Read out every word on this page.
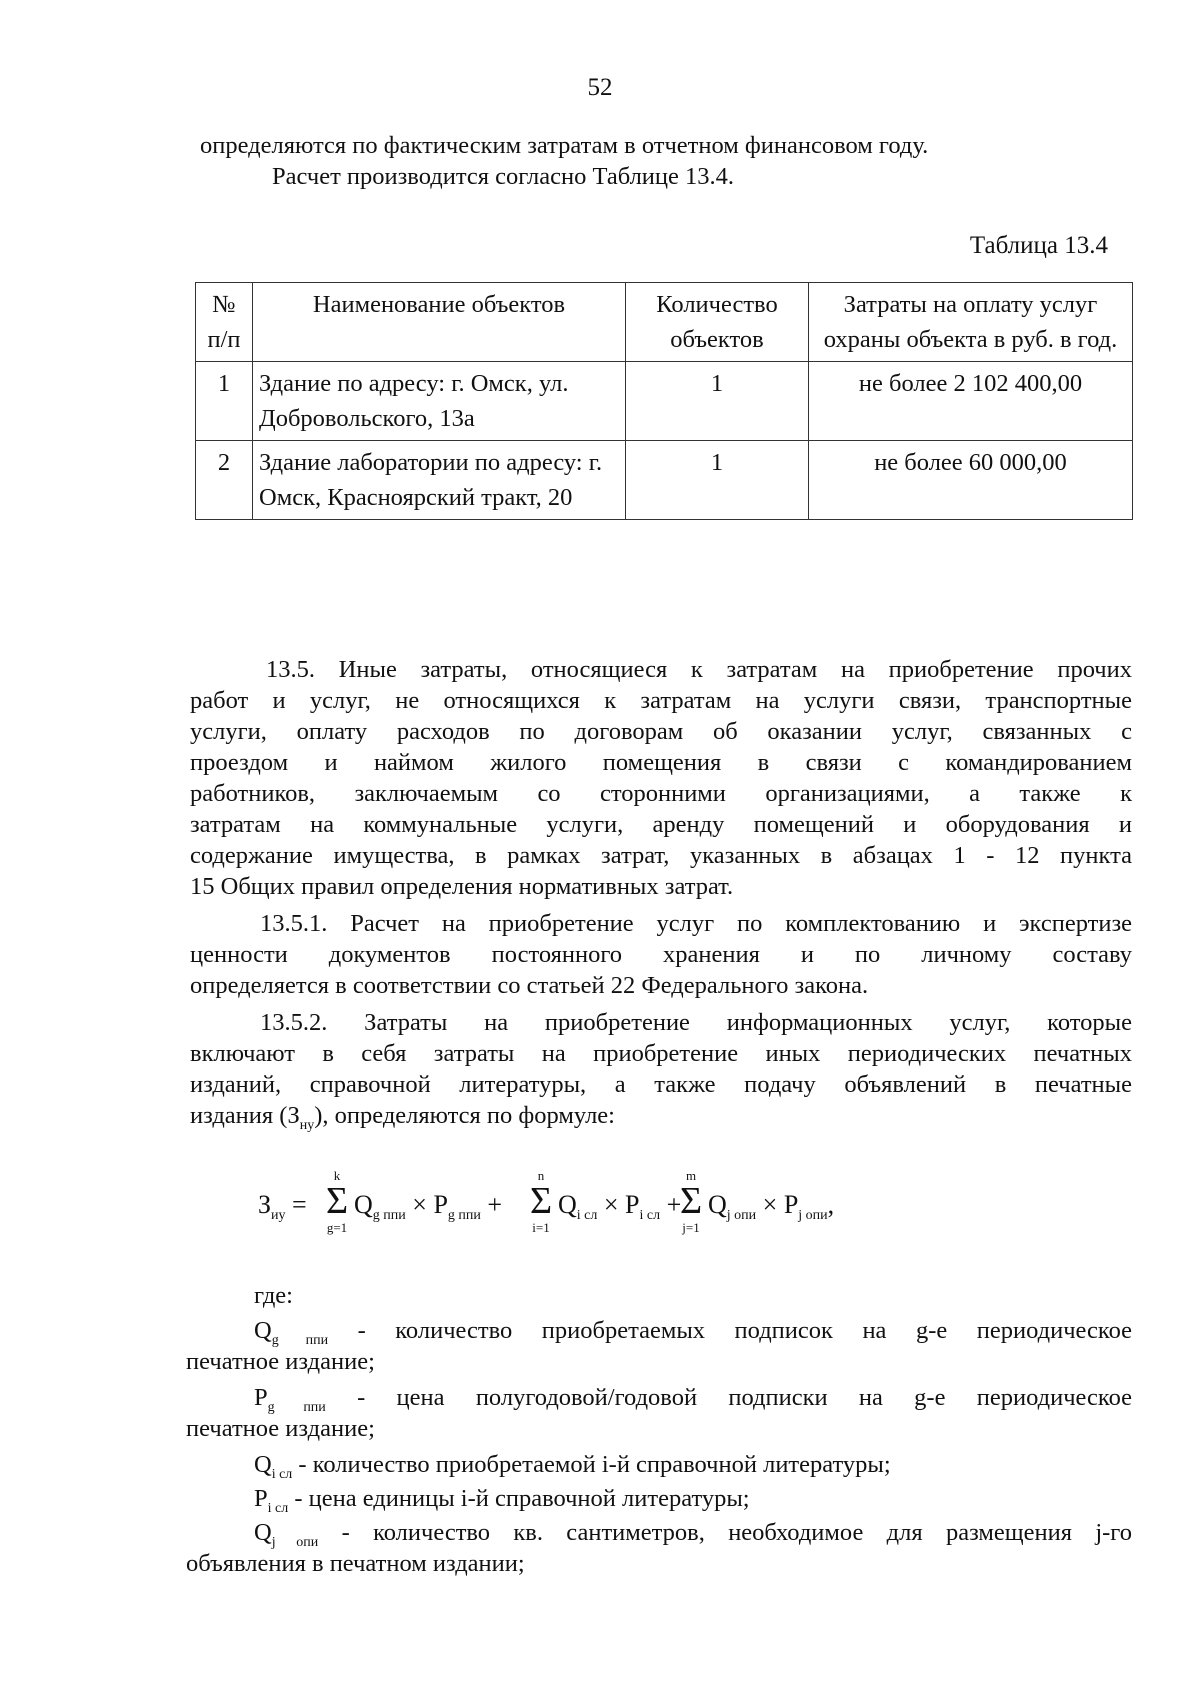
52
определяются по фактическим затратам в отчетном финансовом году.
Расчет производится согласно Таблице 13.4.
Таблица 13.4
№ п/п	Наименование объектов	Количество объектов	Затраты на оплату услуг охраны объекта в руб. в год.
1	Здание по адресу: г. Омск, ул. Добровольского, 13а	1	не более 2 102 400,00
2	Здание лаборатории по адресу: г. Омск, Красноярский тракт, 20	1	не более 60 000,00
13.5. Иные затраты, относящиеся к затратам на приобретение прочих
работ и услуг, не относящихся к затратам на услуги связи, транспортные
услуги, оплату расходов по договорам об оказании услуг, связанных с
проездом и наймом жилого помещения в связи с командированием
работников, заключаемым со сторонними организациями, а также к
затратам на коммунальные услуги, аренду помещений и оборудования и
содержание имущества, в рамках затрат, указанных в абзацах 1 - 12 пункта
15 Общих правил определения нормативных затрат.
13.5.1. Расчет на приобретение услуг по комплектованию и экспертизе
ценности документов постоянного хранения и по личному составу
определяется в соответствии со статьей 22 Федерального закона.
13.5.2. Затраты на приобретение информационных услуг, которые
включают в себя затраты на приобретение иных периодических печатных
изданий, справочной литературы, а также подачу объявлений в печатные
издания $(З_{ну})$, определяются по формуле:
$З_{иу}$ =
k
Σ
g=1
$Q_{g ппи} \times P_{g ппи}$ +
n
Σ
i=1
$Q_{i сл} \times P_{i сл}$ +
m
Σ
j=1
$Q_{j опи} \times P_{j опи}$,
где:
$Q_{g ппи}$ - количество приобретаемых подписок на g-е периодическое
печатное издание;
$P_{g ппи}$ - цена полугодовой/годовой подписки на g-е периодическое
печатное издание;
$Q_{i сл}$ - количество приобретаемой i-й справочной литературы;
$P_{i сл}$ - цена единицы i-й справочной литературы;
$Q_{j опи}$ - количество кв. сантиметров, необходимое для размещения j-го
объявления в печатном издании;
